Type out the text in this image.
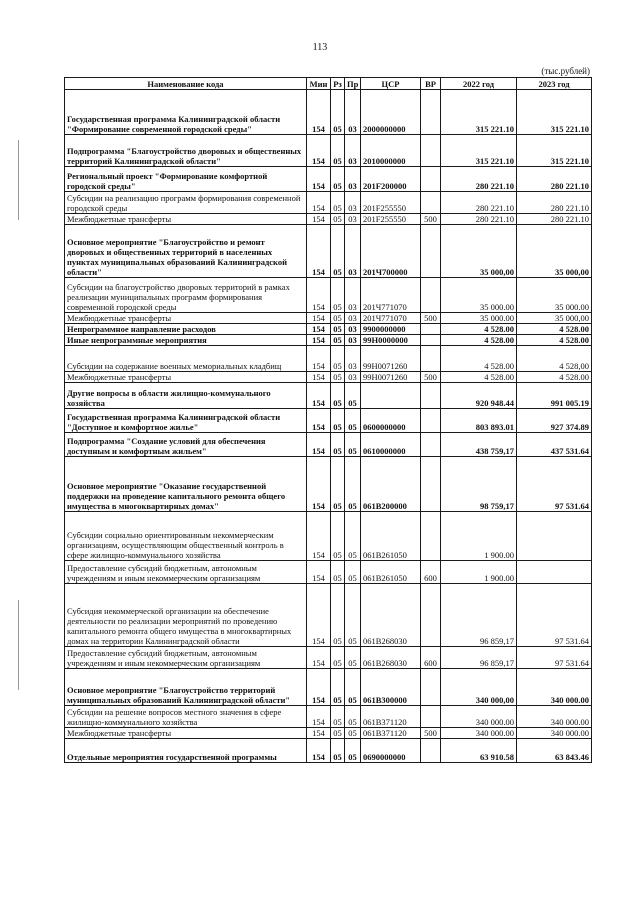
113
(тыс.рублей)
Наименование кода	Мин	Рз	Пр	ЦСР	ВР	2022 год	2023 год
Государственная программа Калининградской области "Формирование современной городской среды"	154	05	03	2000000000		315 221.10	315 221.10
Подпрограмма "Благоустройство дворовых и общественных территорий Калининградской области"	154	05	03	2010000000		315 221.10	315 221.10
Региональный проект "Формирование комфортной городской среды"	154	05	03	201F200000		280 221.10	280 221.10
Субсидии на реализацию программ формирования современной городской среды	154	05	03	201F255550		280 221.10	280 221.10
Межбюджетные трансферты	154	05	03	201F255550	500	280 221.10	280 221.10
Основное мероприятие "Благоустройство и ремонт дворовых и общественных территорий в населенных пунктах муниципальных образований Калининградской области"	154	05	03	201Ч700000		35 000,00	35 000,00
Субсидии на благоустройство дворовых территорий в рамках реализации муниципальных программ формирования современной городской среды	154	05	03	201Ч771070		35 000.00	35 000.00
Межбюджетные трансферты	154	05	03	201Ч771070	500	35 000.00	35 000,00
Непрограммное направление расходов	154	05	03	9900000000		4 528.00	4 528.00
Иные непрограммные мероприятия	154	05	03	99H0000000		4 528.00	4 528.00
Субсидии на содержание военных мемориальных кладбищ	154	05	03	99H0071260		4 528.00	4 528,00
Межбюджетные трансферты	154	05	03	99H0071260	500	4 528.00	4 528.00
Другие вопросы в области жилищно-коммунального хозяйства	154	05	05			920 948.44	991 005.19
Государственная программа Калининградской области "Доступное и комфортное жилье"	154	05	05	0600000000		803 893.01	927 374.89
Подпрограмма "Создание условий для обеспечения доступным и комфортным жильем"	154	05	05	0610000000		438 759,17	437 531.64
Основное мероприятие "Оказание государственной поддержки на проведение капитального ремонта общего имущества в многоквартирных домах"	154	05	05	061B200000		98 759,17	97 531.64
Субсидии социально ориентированным некоммерческим организациям, осуществляющим общественный контроль в сфере жилищно-коммунального хозяйства	154	05	05	061B261050		1 900.00	
Предоставление субсидий бюджетным, автономным учреждениям и иным некоммерческим организациям	154	05	05	061B261050	600	1 900.00	
Субсидия некоммерческой организации на обеспечение деятельности по реализации мероприятий по проведению капитального ремонта общего имущества в многоквартирных домах на территории Калининградской области	154	05	05	061B268030		96 859,17	97 531.64
Предоставление субсидий бюджетным, автономным учреждениям и иным некоммерческим организациям	154	05	05	061B268030	600	96 859,17	97 531.64
Основное мероприятие "Благоустройство территорий муниципальных образований Калининградской области"	154	05	05	061B300000		340 000,00	340 000.00
Субсидии на решение вопросов местного значения в сфере жилищно-коммунального хозяйства	154	05	05	061B371120		340 000.00	340 000.00
Межбюджетные трансферты	154	05	05	061B371120	500	340 000.00	340 000.00
Отдельные мероприятия государственной программы	154	05	05	0690000000		63 910.58	63 843.46
